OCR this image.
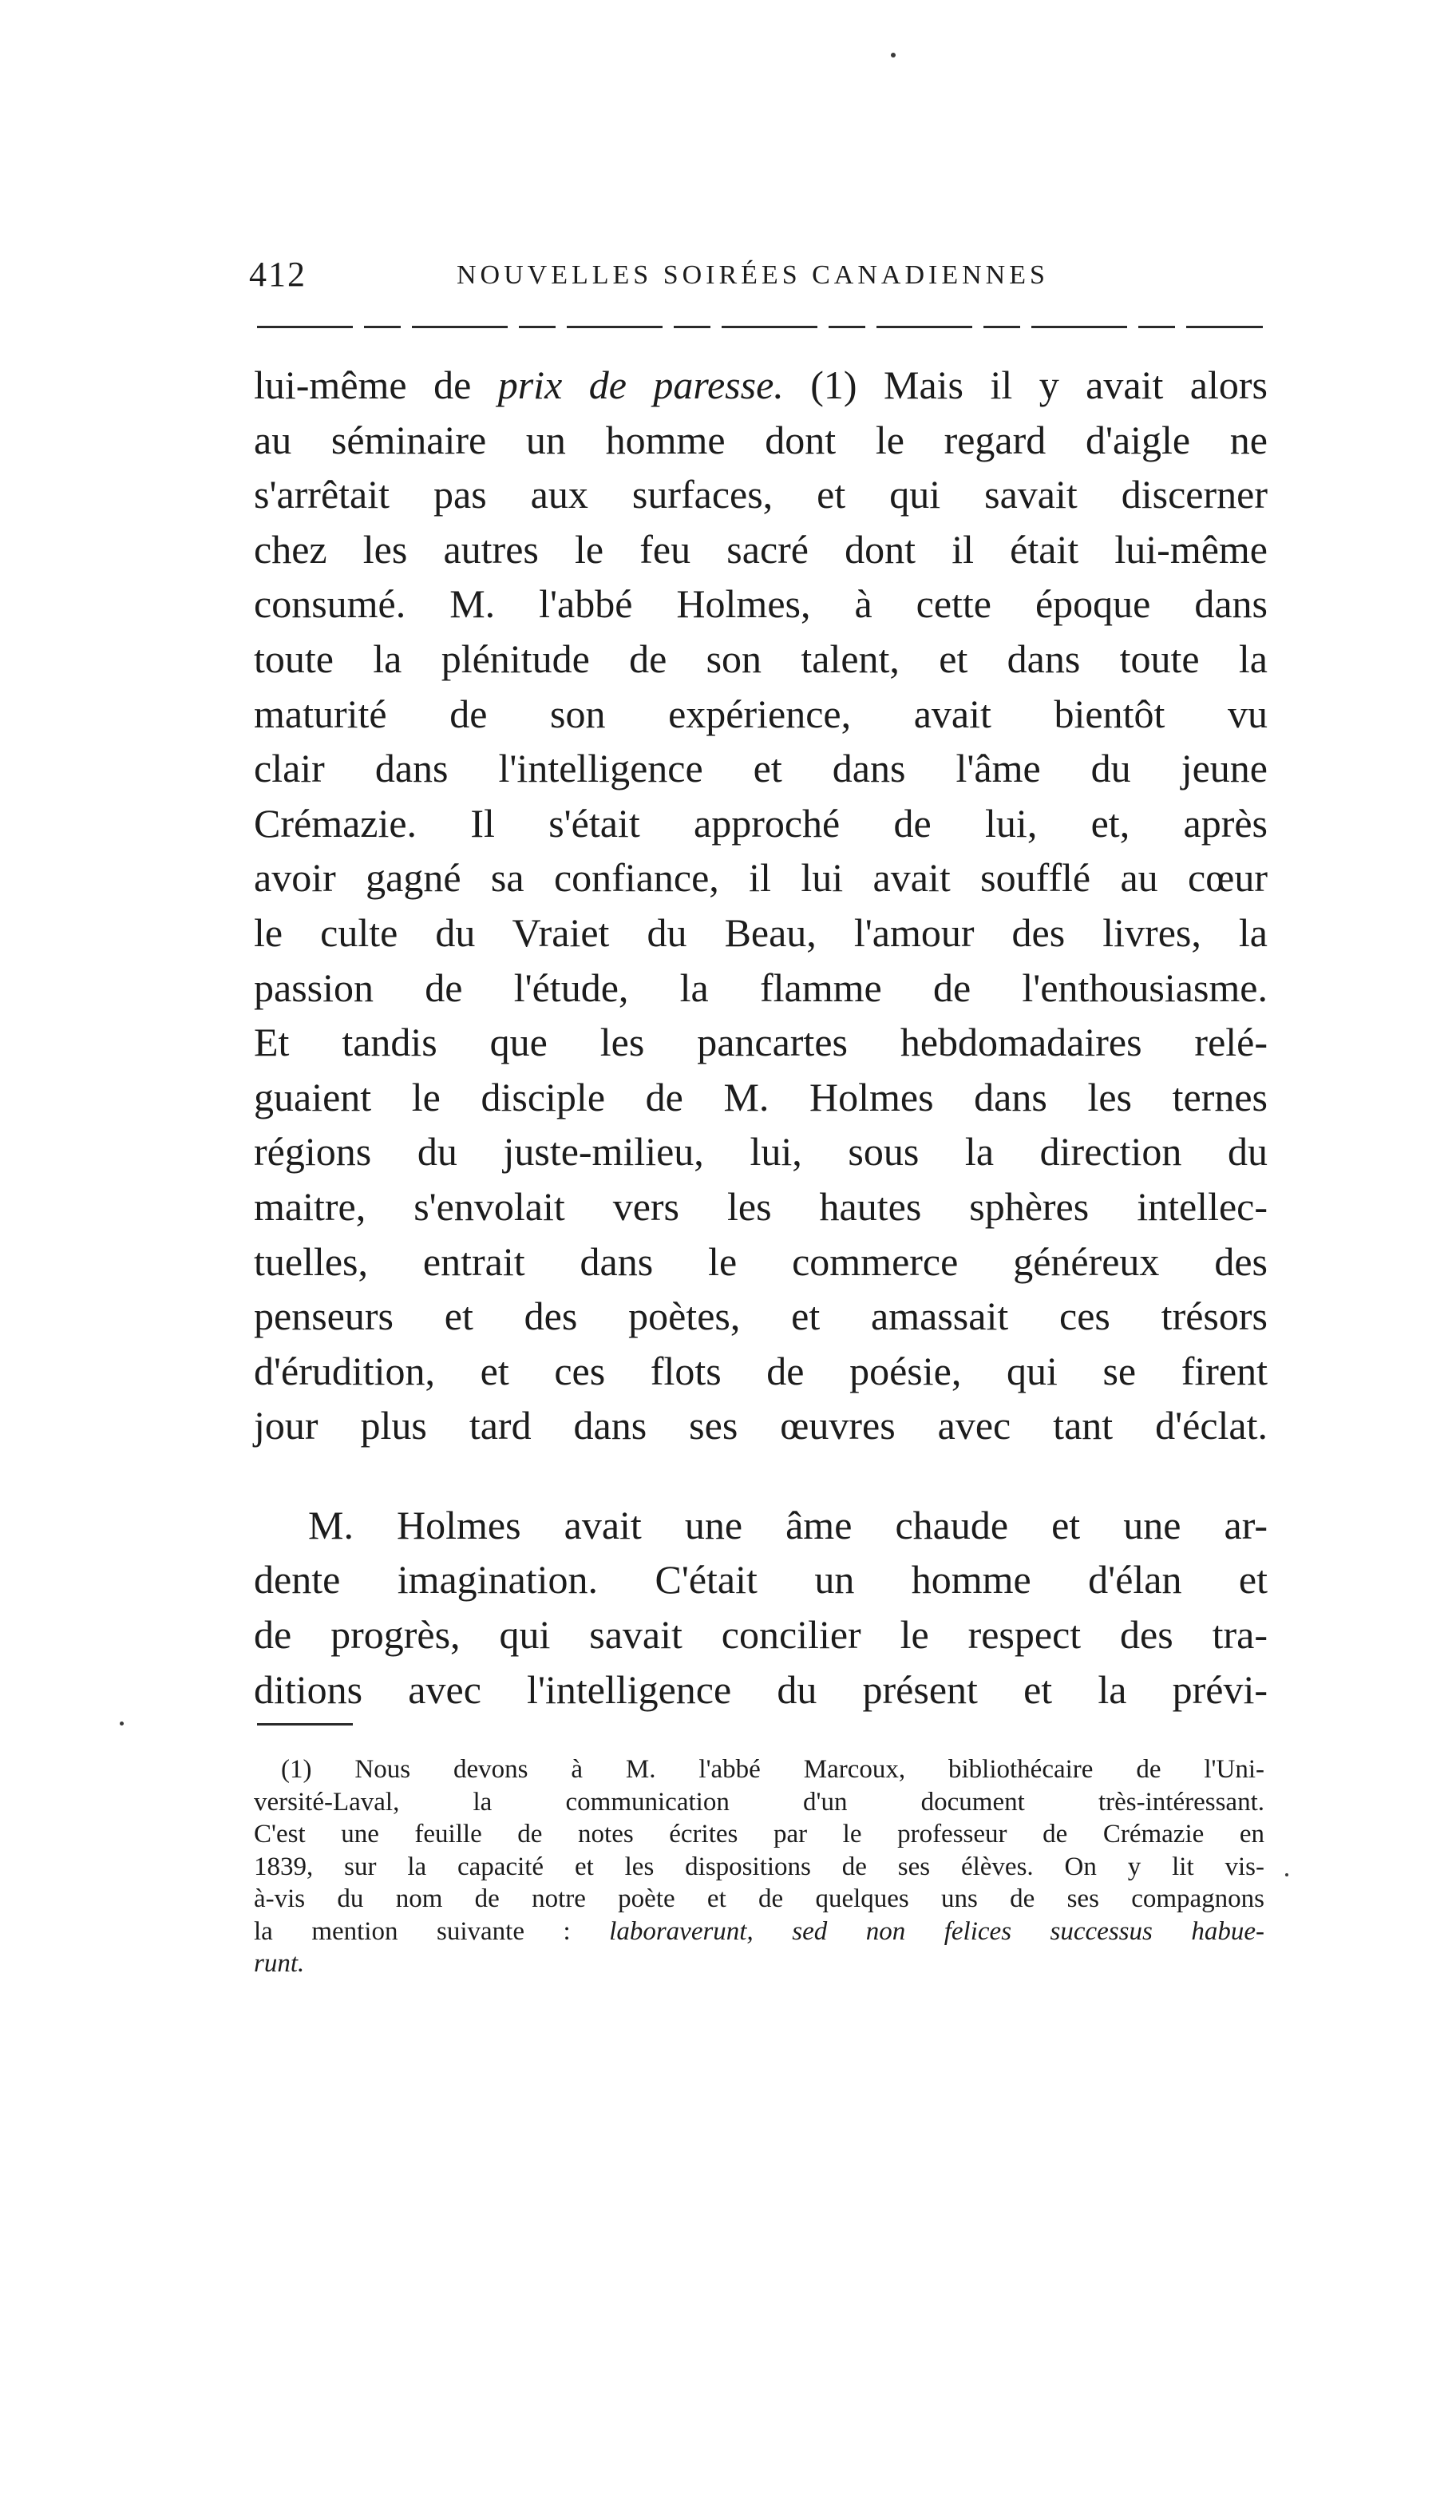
412	NOUVELLES SOIRÉES CANADIENNES

lui-même de prix de paresse. (1) Mais il y avait alors
au séminaire un homme dont le regard d'aigle ne
s'arrêtait pas aux surfaces, et qui savait discerner
chez les autres le feu sacré dont il était lui-même
consumé. M. l'abbé Holmes, à cette époque dans
toute la plénitude de son talent, et dans toute la
maturité de son expérience, avait bientôt vu
clair dans l'intelligence et dans l'âme du jeune
Crémazie. Il s'était approché de lui, et, après
avoir gagné sa confiance, il lui avait soufflé au cœur
le culte du Vraiet du Beau, l'amour des livres, la
passion de l'étude, la flamme de l'enthousiasme.
Et tandis que les pancartes hebdomadaires relé-
guaient le disciple de M. Holmes dans les ternes
régions du juste-milieu, lui, sous la direction du
maitre, s'envolait vers les hautes sphères intellec-
tuelles, entrait dans le commerce généreux des
penseurs et des poètes, et amassait ces trésors
d'érudition, et ces flots de poésie, qui se firent
jour plus tard dans ses œuvres avec tant d'éclat.

M. Holmes avait une âme chaude et une ar-
dente imagination. C'était un homme d'élan et
de progrès, qui savait concilier le respect des tra-
ditions avec l'intelligence du présent et la prévi-

(1) Nous devons à M. l'abbé Marcoux, bibliothécaire de l'Uni-
versité-Laval, la communication d'un document très-intéressant.
C'est une feuille de notes écrites par le professeur de Crémazie en
1839, sur la capacité et les dispositions de ses élèves. On y lit vis-
à-vis du nom de notre poète et de quelques uns de ses compagnons
la mention suivante : laboraverunt, sed non felices successus habue-
runt.
